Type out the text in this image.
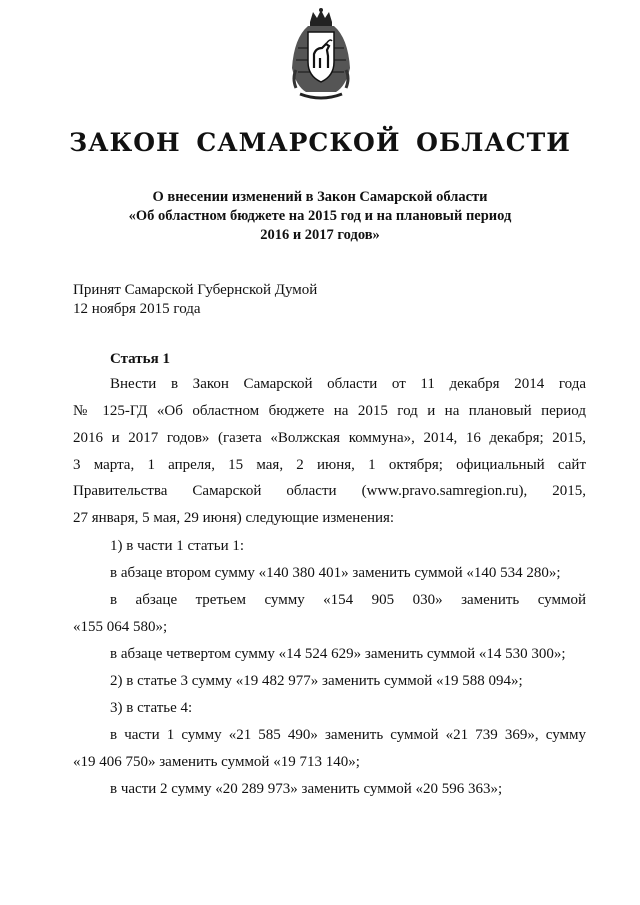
ЗАКОН САМАРСКОЙ ОБЛАСТИ
О внесении изменений в Закон Самарской области
«Об областном бюджете на 2015 год и на плановый период
2016 и 2017 годов»
Принят Самарской Губернской Думой
12 ноября 2015 года
Статья 1
Внести в Закон Самарской области от 11 декабря 2014 года
№ 125-ГД «Об областном бюджете на 2015 год и на плановый период
2016 и 2017 годов» (газета «Волжская коммуна», 2014, 16 декабря; 2015,
3 марта, 1 апреля, 15 мая, 2 июня, 1 октября; официальный сайт
Правительства Самарской области (www.pravo.samregion.ru), 2015,
27 января, 5 мая, 29 июня) следующие изменения:
1) в части 1 статьи 1:
в абзаце втором сумму «140 380 401» заменить суммой «140 534 280»;
в абзаце третьем сумму «154 905 030» заменить суммой
«155 064 580»;
в абзаце четвертом сумму «14 524 629» заменить суммой «14 530 300»;
2) в статье 3 сумму «19 482 977» заменить суммой «19 588 094»;
3) в статье 4:
в части 1 сумму «21 585 490» заменить суммой «21 739 369», сумму
«19 406 750» заменить суммой «19 713 140»;
в части 2 сумму «20 289 973» заменить суммой «20 596 363»;
